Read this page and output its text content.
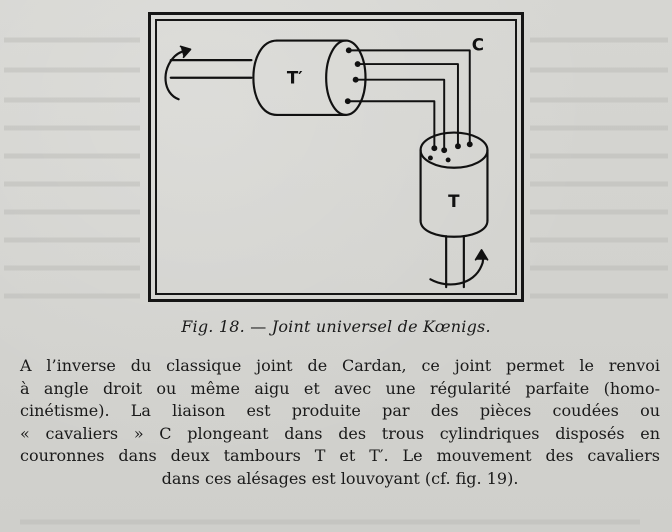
C
T′
T
Fig. 18. — Joint universel de Kœnigs.
A l’inverse du classique joint de Cardan, ce joint permet le renvoi
à angle droit ou même aigu et avec une régularité parfaite (homo-
cinétisme). La liaison est produite par des pièces coudées ou
« cavaliers » C plongeant dans des trous cylindriques disposés en
couronnes dans deux tambours T et T′. Le mouvement des cavaliers
dans ces alésages est louvoyant (cf. fig. 19).
